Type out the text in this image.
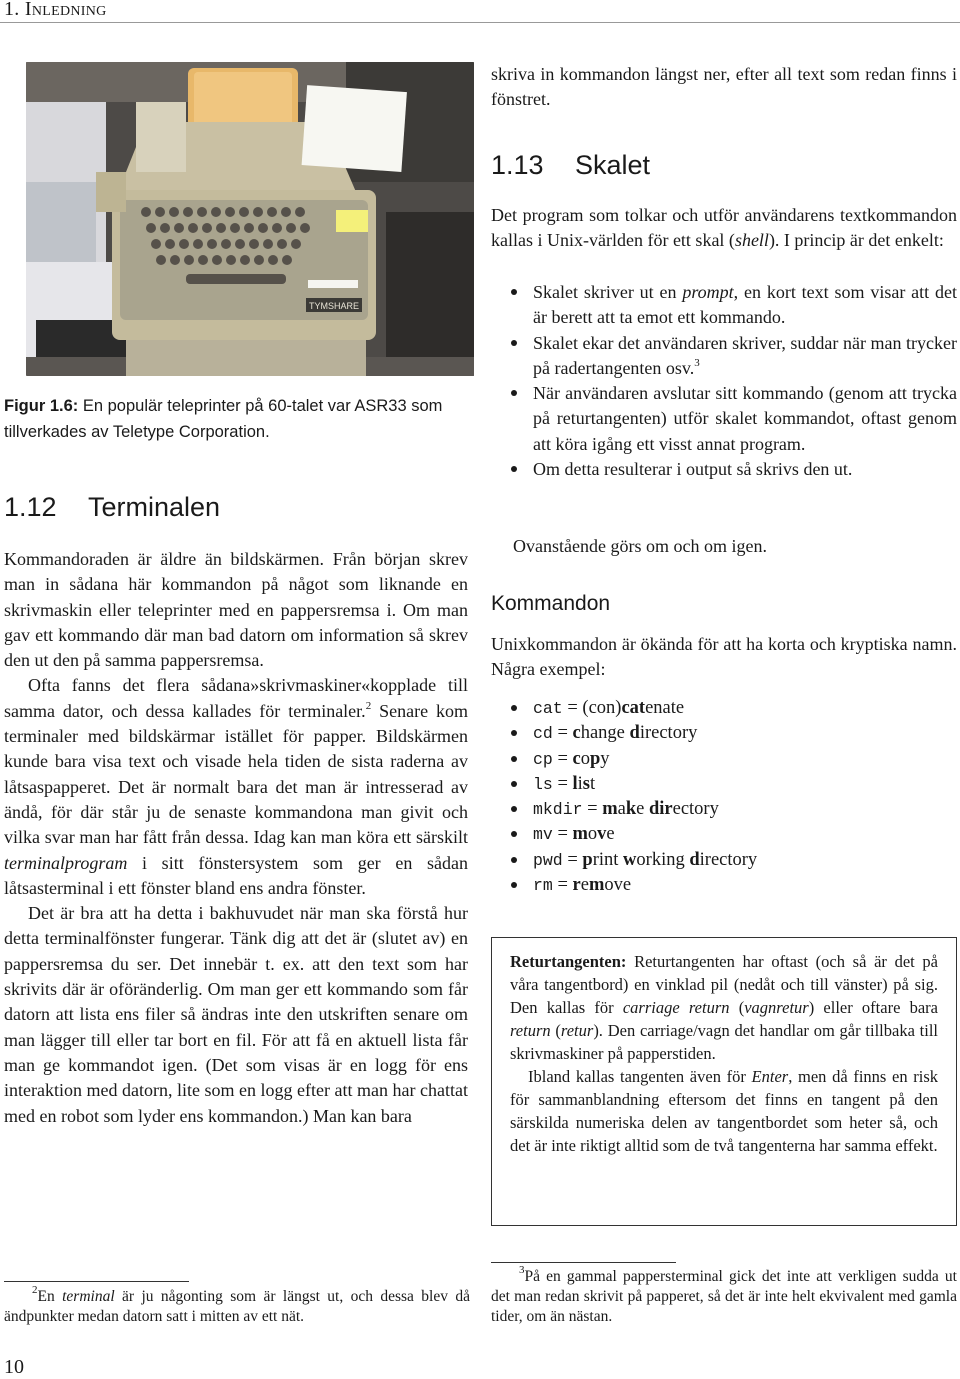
1. Inledning
TYMSHARE
Figur 1.6: En populär teleprinter på 60-talet var ASR33 som tillverkades av Teletype Corporation.
1.12 Terminalen

Kommandoraden är äldre än bildskärmen. Från början skrev man in sådana här kommandon på något som liknande en skrivmaskin eller teleprinter med en pappersremsa i. Om man gav ett kommando där man bad datorn om information så skrev den ut den på samma pappersremsa.

Ofta fanns det flera sådana»skrivmaskiner«kopplade till samma dator, och dessa kallades för terminaler.$^2$ Senare kom terminaler med bildskärmar istället för papper. Bildskärmen kunde bara visa text och visade hela tiden de sista raderna av låtsaspapperet. Det är normalt bara det man är intresserad av ändå, för där står ju de senaste kommandona man givit och vilka svar man har fått från dessa. Idag kan man köra ett särskilt terminalprogram i sitt fönstersystem som ger en sådan låtsasterminal i ett fönster bland ens andra fönster.

Det är bra att ha detta i bakhuvudet när man ska förstå hur detta terminalfönster fungerar. Tänk dig att det är (slutet av) en pappersremsa du ser. Det innebär t. ex. att den text som har skrivits där är oföränderlig. Om man ger ett kommando som får datorn att lista ens filer så ändras inte den utskriften senare om man lägger till eller tar bort en fil. För att få en aktuell lista får man ge kommandot igen. (Det som visas är en logg för ens interaktion med datorn, lite som en logg efter att man har chattat med en robot som lyder ens kommandon.) Man kan bara

$^2$En terminal är ju någonting som är längst ut, och dessa blev då ändpunkter medan datorn satt i mitten av ett nät.
10

skriva in kommandon längst ner, efter all text som redan finns i fönstret.

1.13 Skalet

Det program som tolkar och utför användarens textkommandon kallas i Unix-världen för ett skal (shell). I princip är det enkelt:

Skalet skriver ut en prompt, en kort text som visar att det är berett att ta emot ett kommando.
Skalet ekar det användaren skriver, suddar när man trycker på radertangenten osv.$^3$
När användaren avslutar sitt kommando (genom att trycka på returtangenten) utför skalet kommandot, oftast genom att köra igång ett visst annat program.
Om detta resulterar i output så skrivs den ut.
Ovanstående görs om och om igen.
Kommandon
Unixkommandon är ökända för att ha korta och kryptiska namn. Några exempel:
cat = (con)catenate
cd = change directory
cp = copy
ls = list
mkdir = make directory
mv = move
pwd = print working directory
rm = remove

Returtangenten: Returtangenten har oftast (och så är det på våra tangentbord) en vinklad pil (nedåt och till vänster) på sig. Den kallas för carriage return (vagnretur) eller oftare bara return (retur). Den carriage/vagn det handlar om går tillbaka till skrivmaskiner på papperstiden.

Ibland kallas tangenten även för Enter, men då finns en risk för sammanblandning eftersom det finns en tangent på den särskilda numeriska delen av tangentbordet som heter så, och det är inte riktigt alltid som de två tangenterna har samma effekt.

$^3$På en gammal pappersterminal gick det inte att verkligen sudda ut det man redan skrivit på papperet, så det är inte helt ekvivalent med gamla tider, om än nästan.
